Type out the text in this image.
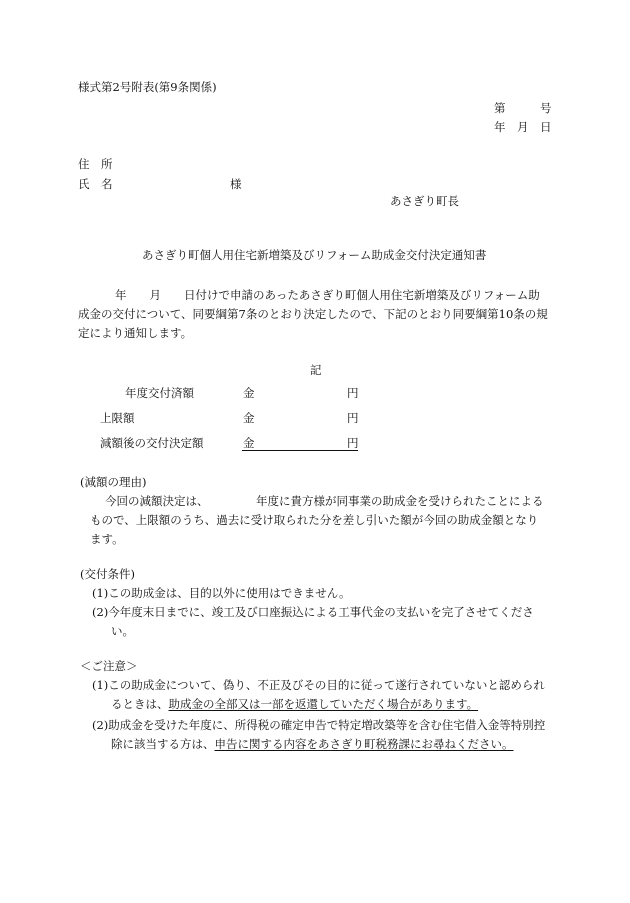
様式第2号附表(第9条関係)
第	号
年 月 日
住　所
氏　名	様
あさぎり町長
あさぎり町個人用住宅新増築及びリフォーム助成金交付決定通知書
年　　月　　日付けで申請のあったあさぎり町個人用住宅新増築及びリフォーム助
成金の交付について、同要綱第7条のとおり決定したので、下記のとおり同要綱第10条の規
定により通知します。
記
年度交付済額	金	円
上限額	金	円
減額後の交付決定額	金	円
(減額の理由)
今回の減額決定は、	年度に貴方様が同事業の助成金を受けられたことによる
もので、上限額のうち、過去に受け取られた分を差し引いた額が今回の助成金額となり
ます。
(交付条件)
(1)この助成金は、目的以外に使用はできません。
(2)今年度末日までに、竣工及び口座振込による工事代金の支払いを完了させてくださ
い。
＜ご注意＞
(1)この助成金について、偽り、不正及びその目的に従って遂行されていないと認められ
るときは、助成金の全部又は一部を返還していただく場合があります。
(2)助成金を受けた年度に、所得税の確定申告で特定増改築等を含む住宅借入金等特別控
除に該当する方は、申告に関する内容をあさぎり町税務課にお尋ねください。
